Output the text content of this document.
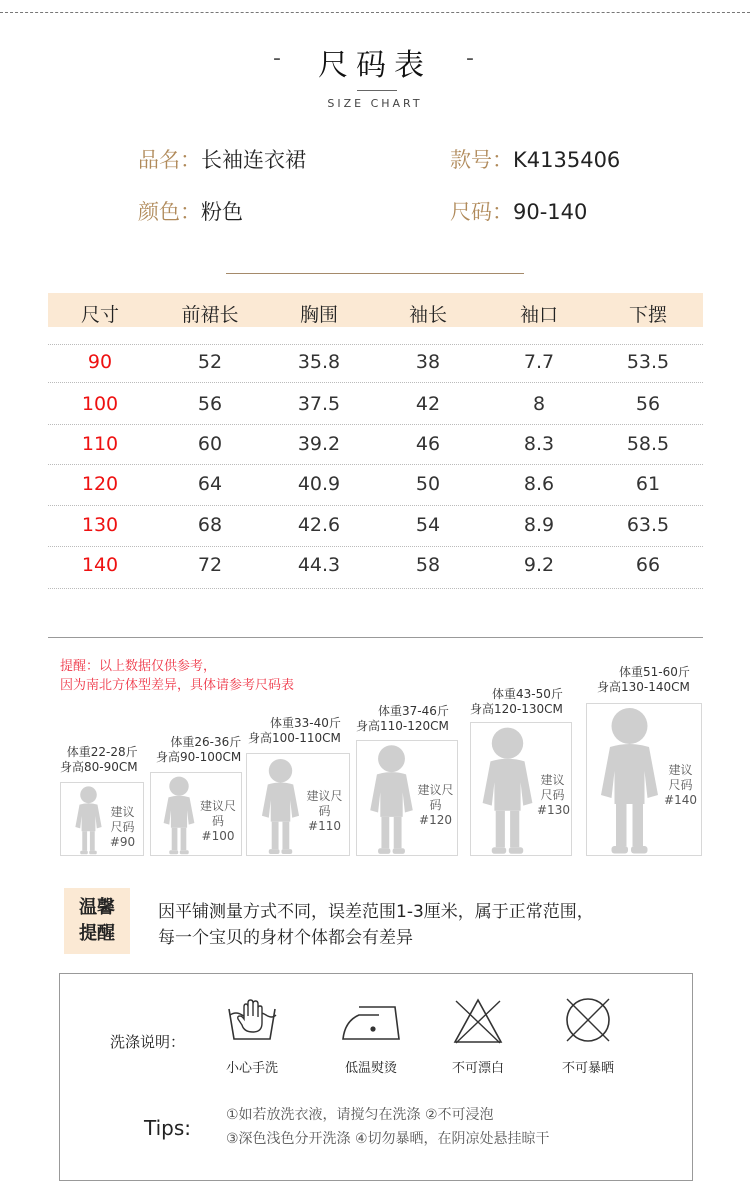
-	尺码表	-
SIZE CHART
品名：长袖连衣裙	款号：K4135406
颜色：粉色	尺码：90-140
尺寸	前裙长	胸围	袖长	袖口	下摆
90	52	35.8	38	7.7	53.5
100	56	37.5	42	8	56
110	60	39.2	46	8.3	58.5
120	64	40.9	50	8.6	61
130	68	42.6	54	8.9	63.5
140	72	44.3	58	9.2	66
提醒：以上数据仅供参考，
因为南北方体型差异，具体请参考尺码表
体重22-28斤
身高80-90CM
建议尺码
#90
体重26-36斤
身高90-100CM
建议尺码
#100
体重33-40斤
身高100-110CM
建议尺码
#110
体重37-46斤
身高110-120CM
建议尺码
#120
体重43-50斤
身高120-130CM
建议尺码
#130
体重51-60斤
身高130-140CM
建议尺码
#140
温馨
提醒
因平铺测量方式不同，误差范围1-3厘米，属于正常范围，
每一个宝贝的身材个体都会有差异
洗涤说明：
小心手洗	低温熨烫	不可漂白	不可暴晒
Tips:
①如若放洗衣液，请搅匀在洗涤 ②不可浸泡
③深色浅色分开洗涤 ④切勿暴晒，在阴凉处悬挂晾干
